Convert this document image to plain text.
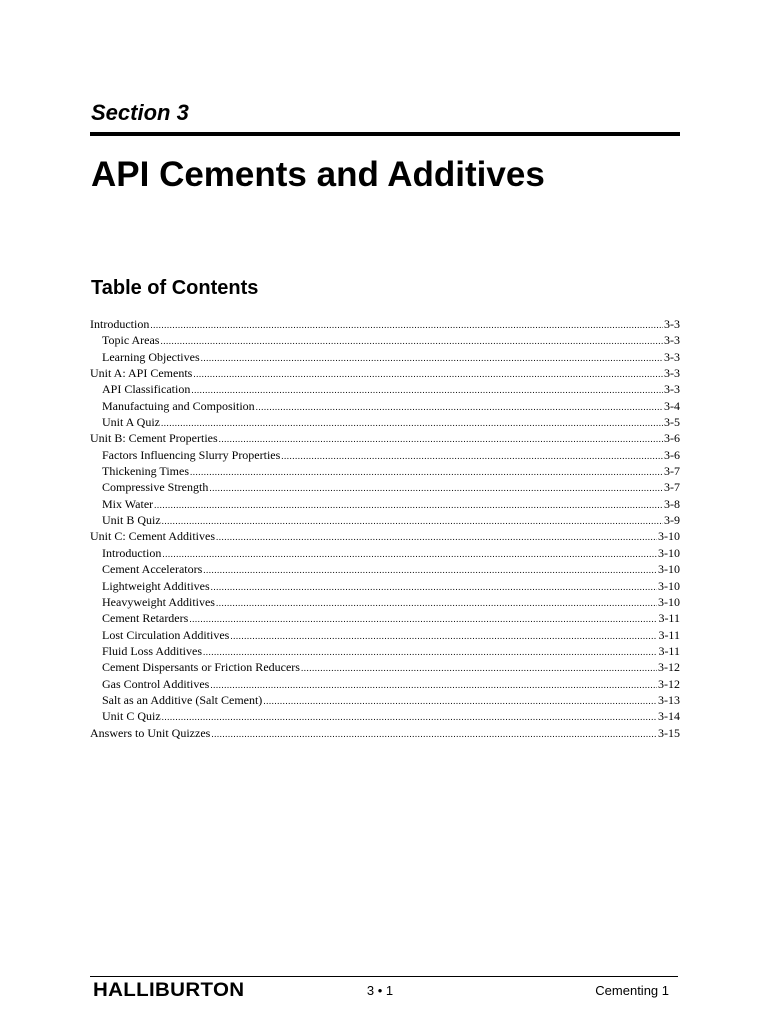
Section 3
API Cements and Additives
Table of Contents
Introduction .....	3-3
Topic Areas .....	3-3
Learning Objectives .....	3-3
Unit A: API Cements .....	3-3
API Classification .....	3-3
Manufactuing and Composition .....	3-4
Unit A Quiz .....	3-5
Unit B: Cement Properties .....	3-6
Factors Influencing Slurry Properties .....	3-6
Thickening Times .....	3-7
Compressive Strength .....	3-7
Mix Water .....	3-8
Unit B Quiz .....	3-9
Unit C: Cement Additives .....	3-10
Introduction .....	3-10
Cement Accelerators .....	3-10
Lightweight Additives .....	3-10
Heavyweight Additives .....	3-10
Cement Retarders .....	3-11
Lost Circulation Additives .....	3-11
Fluid Loss Additives .....	3-11
Cement Dispersants or Friction Reducers .....	3-12
Gas Control Additives .....	3-12
Salt as an Additive (Salt Cement) .....	3-13
Unit C Quiz .....	3-14
Answers to Unit Quizzes .....	3-15
HALLIBURTON	3 • 1	Cementing 1
